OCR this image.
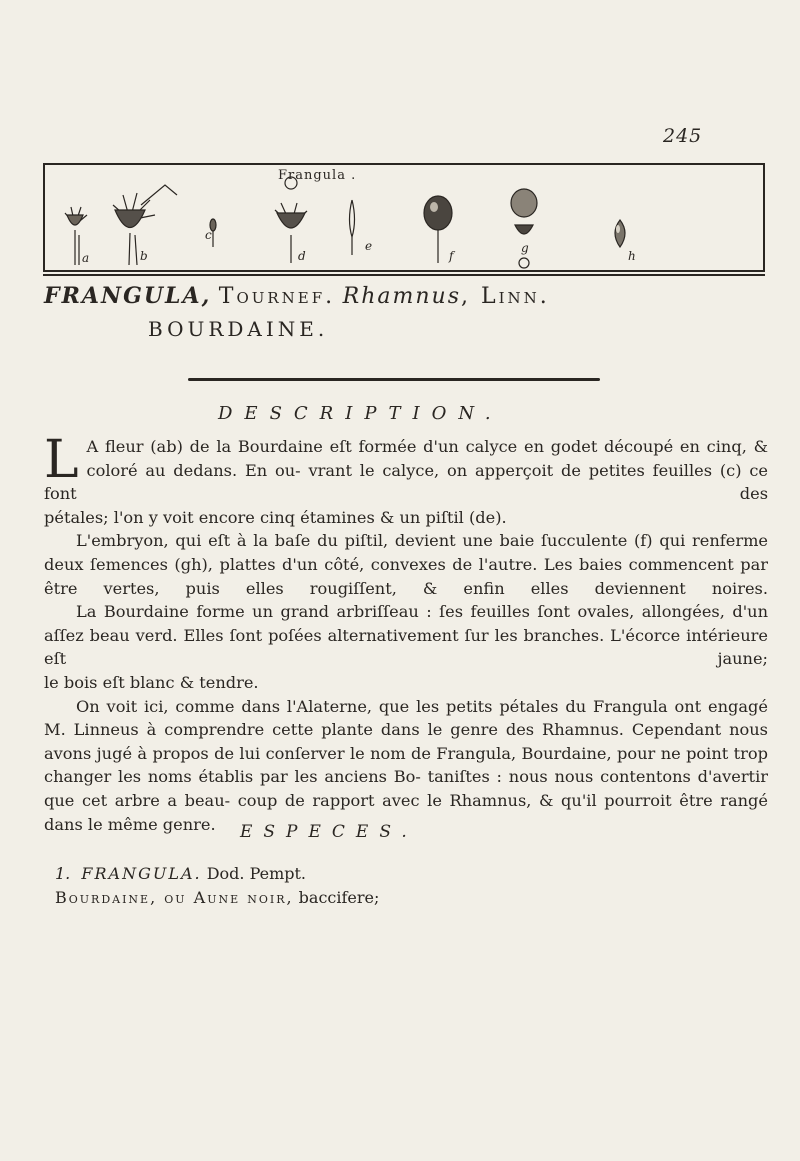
245
Frangula .
a	b
c
d
e
f
g
h
FRANGULA, Tournef. Rhamnus, Linn.
BOURDAINE.
DESCRIPTION.

L A fleur (ab) de la Bourdaine eſt formée d'un calyce en godet découpé en cinq, & coloré au dedans. En ou- vrant le calyce, on apperçoit de petites feuilles (c) ce font des

pétales; l'on y voit encore cinq étamines & un piſtil (de).

L'embryon, qui eſt à la baſe du piſtil, devient une baie ſucculente (f) qui renferme deux ſemences (gh), plattes d'un côté, convexes de l'autre. Les baies commencent par être vertes, puis elles rougiſſent, & enfin elles deviennent noires.

La Bourdaine forme un grand arbriſſeau : ſes feuilles ſont ovales, allongées, d'un aſſez beau verd. Elles ſont poſées alternativement ſur les branches. L'écorce intérieure eſt jaune;

le bois eſt blanc & tendre.

On voit ici, comme dans l'Alaterne, que les petits pétales du Frangula ont engagé M. Linneus à comprendre cette plante dans le genre des Rhamnus. Cependant nous avons jugé à propos de lui conſerver le nom de Frangula, Bourdaine, pour ne point trop changer les noms établis par les anciens Bo- taniſtes : nous nous contentons d'avertir que cet arbre a beau- coup de rapport avec le Rhamnus, & qu'il pourroit être rangé

dans le même genre.	ESPECES.
1. FRANGULA. Dod. Pempt.
Bourdaine, ou Aune noir, baccifere;
